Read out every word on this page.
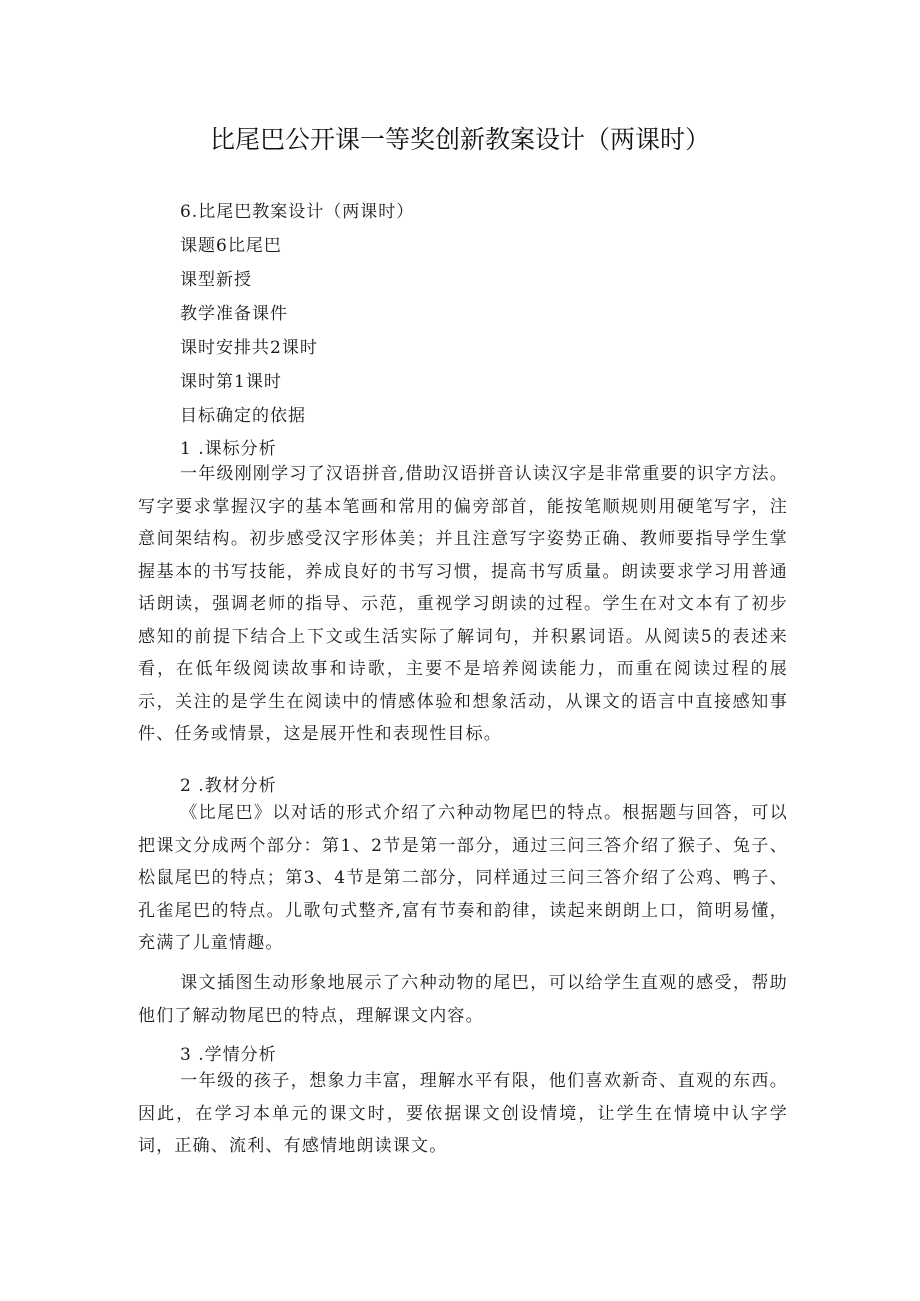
比尾巴公开课一等奖创新教案设计（两课时）
6.比尾巴教案设计（两课时）
课题6比尾巴
课型新授
教学准备课件
课时安排共2课时
课时第1课时
目标确定的依据
1 .课标分析

一年级刚刚学习了汉语拼音,借助汉语拼音认读汉字是非常重要的识字方法。写字要求掌握汉字的基本笔画和常用的偏旁部首，能按笔顺规则用硬笔写字，注意间架结构。初步感受汉字形体美；并且注意写字姿势正确、教师要指导学生掌握基本的书写技能，养成良好的书写习惯，提高书写质量。朗读要求学习用普通话朗读，强调老师的指导、示范，重视学习朗读的过程。学生在对文本有了初步感知的前提下结合上下文或生活实际了解词句，并积累词语。从阅读5的表述来看，在低年级阅读故事和诗歌，主要不是培养阅读能力，而重在阅读过程的展示，关注的是学生在阅读中的情感体验和想象活动，从课文的语言中直接感知事件、任务或情景，这是展开性和表现性目标。

2 .教材分析

《比尾巴》以对话的形式介绍了六种动物尾巴的特点。根据题与回答，可以把课文分成两个部分：第1、2节是第一部分，通过三问三答介绍了猴子、兔子、松鼠尾巴的特点；第3、4节是第二部分，同样通过三问三答介绍了公鸡、鸭子、孔雀尾巴的特点。儿歌句式整齐,富有节奏和韵律，读起来朗朗上口，简明易懂，充满了儿童情趣。

课文插图生动形象地展示了六种动物的尾巴，可以给学生直观的感受，帮助他们了解动物尾巴的特点，理解课文内容。

3 .学情分析

一年级的孩子，想象力丰富，理解水平有限，他们喜欢新奇、直观的东西。因此，在学习本单元的课文时，要依据课文创设情境，让学生在情境中认字学词，正确、流利、有感情地朗读课文。
